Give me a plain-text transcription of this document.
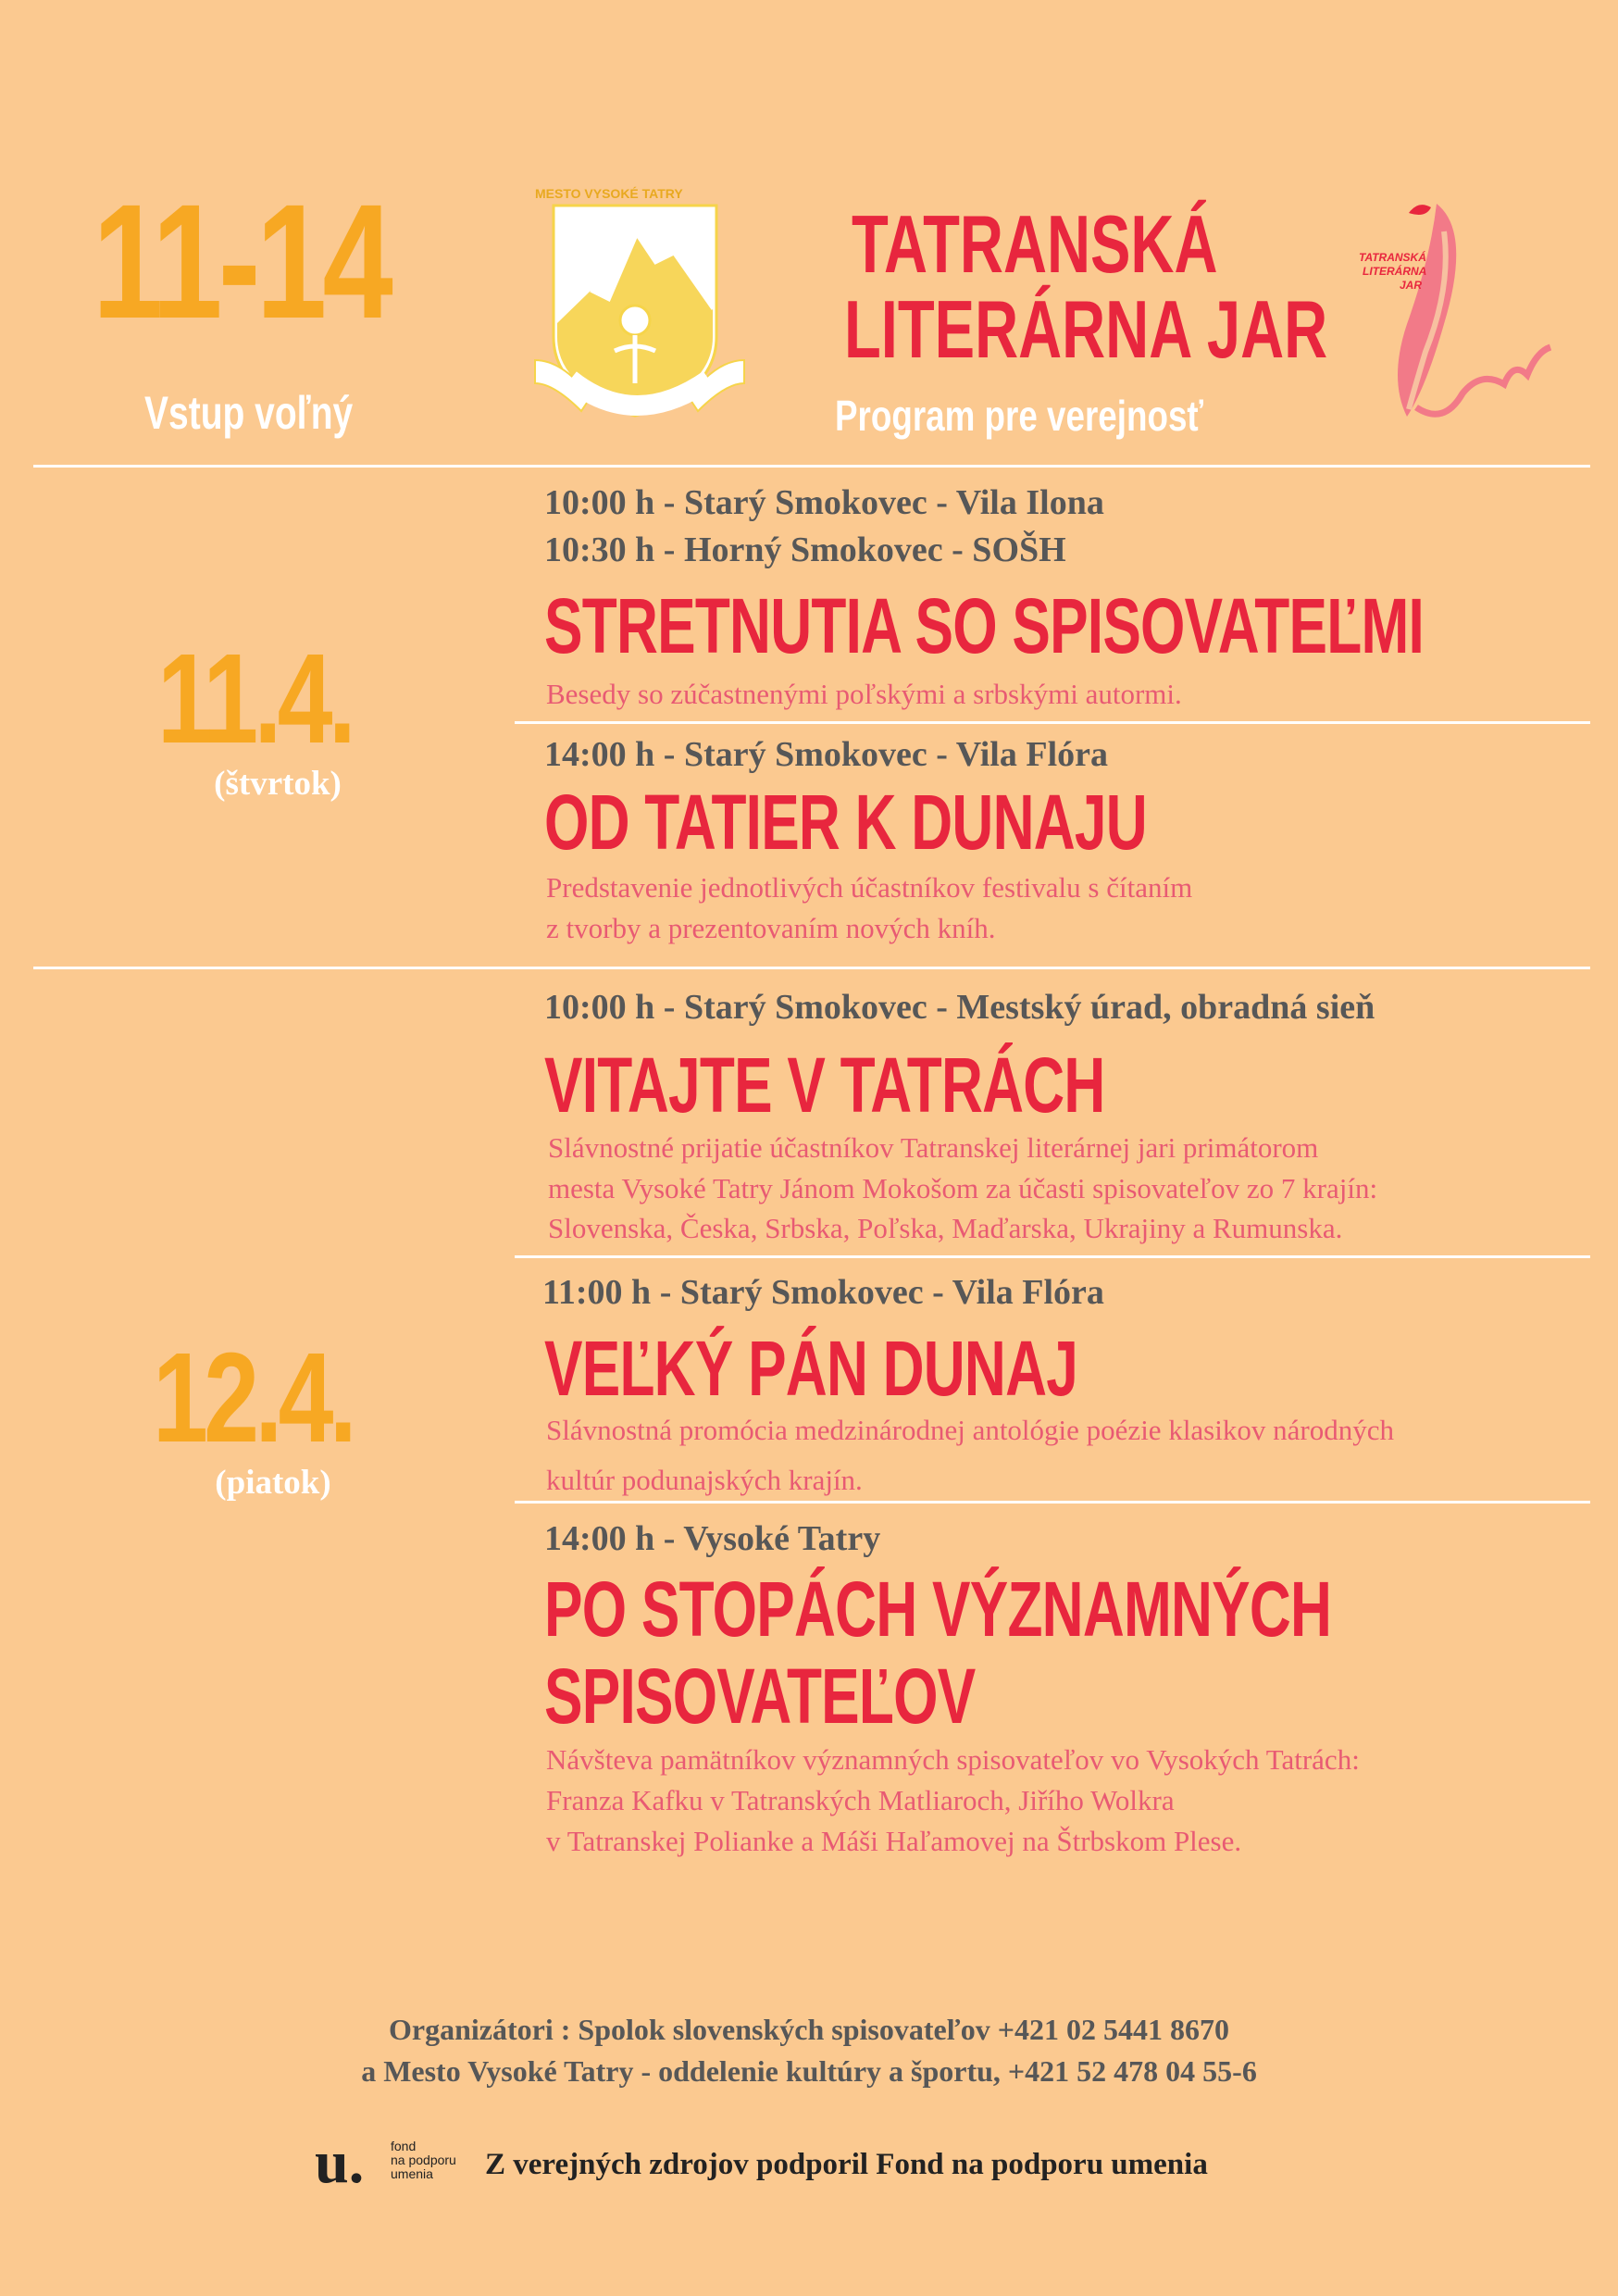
11-14
Vstup voľný
MESTO VYSOKÉ TATRY
TATRANSKÁ
LITERÁRNA JAR
Program pre verejnosť
TATRANSKÁ
LITERÁRNA
JAR
11.4.
(štvrtok)
10:00 h - Starý Smokovec - Vila Ilona
10:30 h - Horný Smokovec - SOŠH
STRETNUTIA SO SPISOVATEĽMI
Besedy so zúčastnenými poľskými a srbskými autormi.
14:00 h - Starý Smokovec - Vila Flóra
OD TATIER K DUNAJU
Predstavenie jednotlivých účastníkov festivalu s čítaním
z tvorby a prezentovaním nových kníh.
12.4.
(piatok)
10:00 h - Starý Smokovec - Mestský úrad, obradná sieň
VITAJTE V TATRÁCH
Slávnostné prijatie účastníkov Tatranskej literárnej jari primátorom
mesta Vysoké Tatry Jánom Mokošom za účasti spisovateľov zo 7 krajín:
Slovenska, Česka, Srbska, Poľska, Maďarska, Ukrajiny a Rumunska.
11:00 h - Starý Smokovec - Vila Flóra
VEĽKÝ PÁN DUNAJ
Slávnostná promócia medzinárodnej antológie poézie klasikov národných
kultúr podunajských krajín.
14:00 h - Vysoké Tatry
PO STOPÁCH VÝZNAMNÝCH
SPISOVATEĽOV
Návšteva pamätníkov významných spisovateľov vo Vysokých Tatrách:
Franza Kafku v Tatranských Matliaroch, Jiřího Wolkra
v Tatranskej Polianke a Máši Haľamovej na Štrbskom Plese.
Organizátori : Spolok slovenských spisovateľov +421 02 5441 8670
a Mesto Vysoké Tatry - oddelenie kultúry a športu, +421 52 478 04 55-6
u. fond
na podporu
umenia Z verejných zdrojov podporil Fond na podporu umenia
